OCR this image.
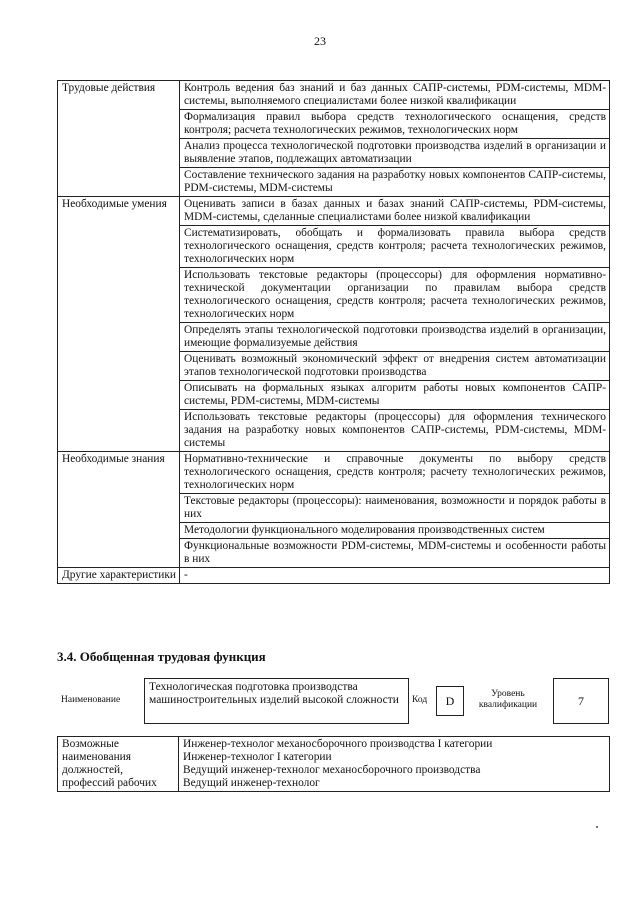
23
Трудовые действия	Контроль ведения баз знаний и баз данных САПР-системы, PDM-системы, MDM-системы, выполняемого специалистами более низкой квалификации
	Формализация правил выбора средств технологического оснащения, средств контроля; расчета технологических режимов, технологических норм
	Анализ процесса технологической подготовки производства изделий в организации и выявление этапов, подлежащих автоматизации
	Составление технического задания на разработку новых компонентов САПР-системы, PDM-системы, MDM-системы
Необходимые умения	Оценивать записи в базах данных и базах знаний САПР-системы, PDM-системы, MDM-системы, сделанные специалистами более низкой квалификации
	Систематизировать, обобщать и формализовать правила выбора средств технологического оснащения, средств контроля; расчета технологических режимов, технологических норм
	Использовать текстовые редакторы (процессоры) для оформления нормативно-технической документации организации по правилам выбора средств технологического оснащения, средств контроля; расчета технологических режимов, технологических норм
	Определять этапы технологической подготовки производства изделий в организации, имеющие формализуемые действия
	Оценивать возможный экономический эффект от внедрения систем автоматизации этапов технологической подготовки производства
	Описывать на формальных языках алгоритм работы новых компонентов САПР-системы, PDM-системы, MDM-системы
	Использовать текстовые редакторы (процессоры) для оформления технического задания на разработку новых компонентов САПР-системы, PDM-системы, MDM-системы
Необходимые знания	Нормативно-технические и справочные документы по выбору средств технологического оснащения, средств контроля; расчету технологических режимов, технологических норм
	Текстовые редакторы (процессоры): наименования, возможности и порядок работы в них
	Методологии функционального моделирования производственных систем
	Функциональные возможности PDM-системы, MDM-системы и особенности работы в них
Другие характеристики	-
3.4. Обобщенная трудовая функция
Наименование
Технологическая подготовка производства машиностроительных изделий высокой сложности	Код	D	Уровень квалификации	7
Возможные наименования должностей, профессий рабочих	
Инженер-технолог механосборочного производства I категории
Инженер-технолог I категории
Ведущий инженер-технолог механосборочного производства
Ведущий инженер-технолог
